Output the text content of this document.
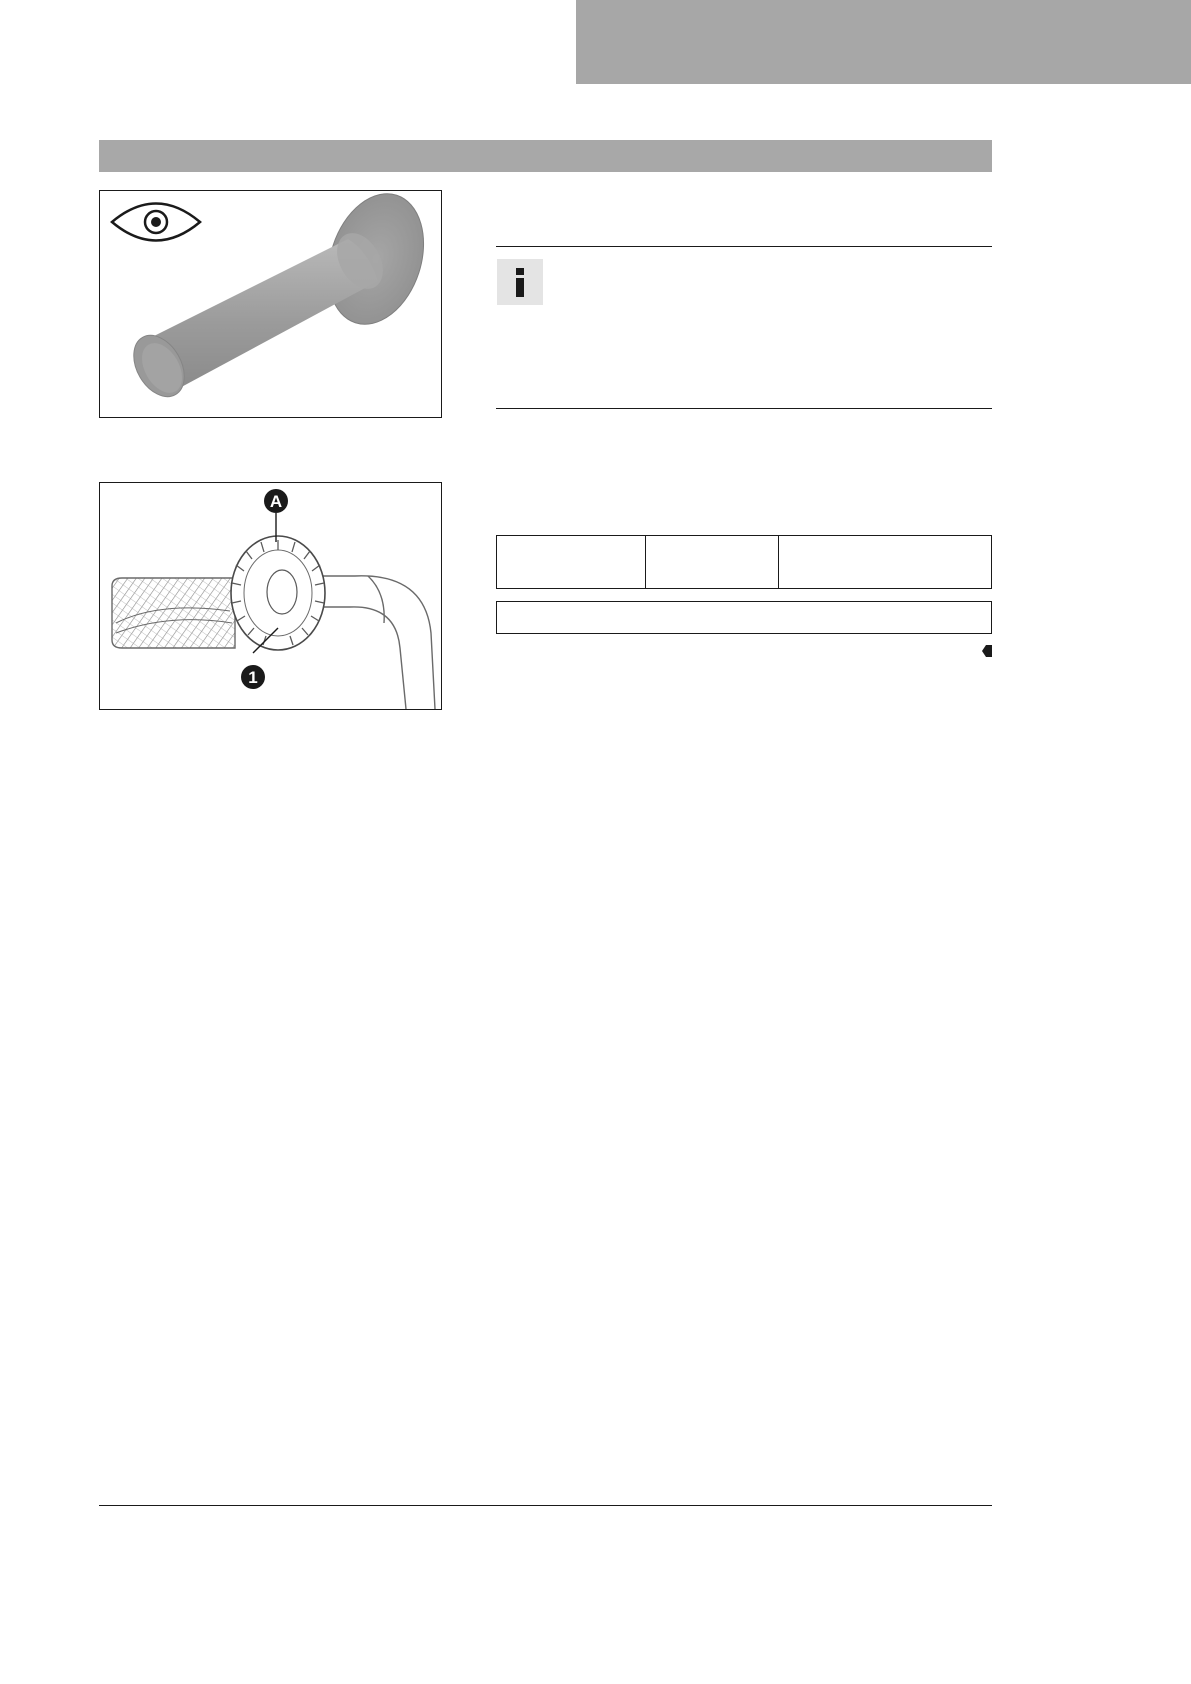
A
1
